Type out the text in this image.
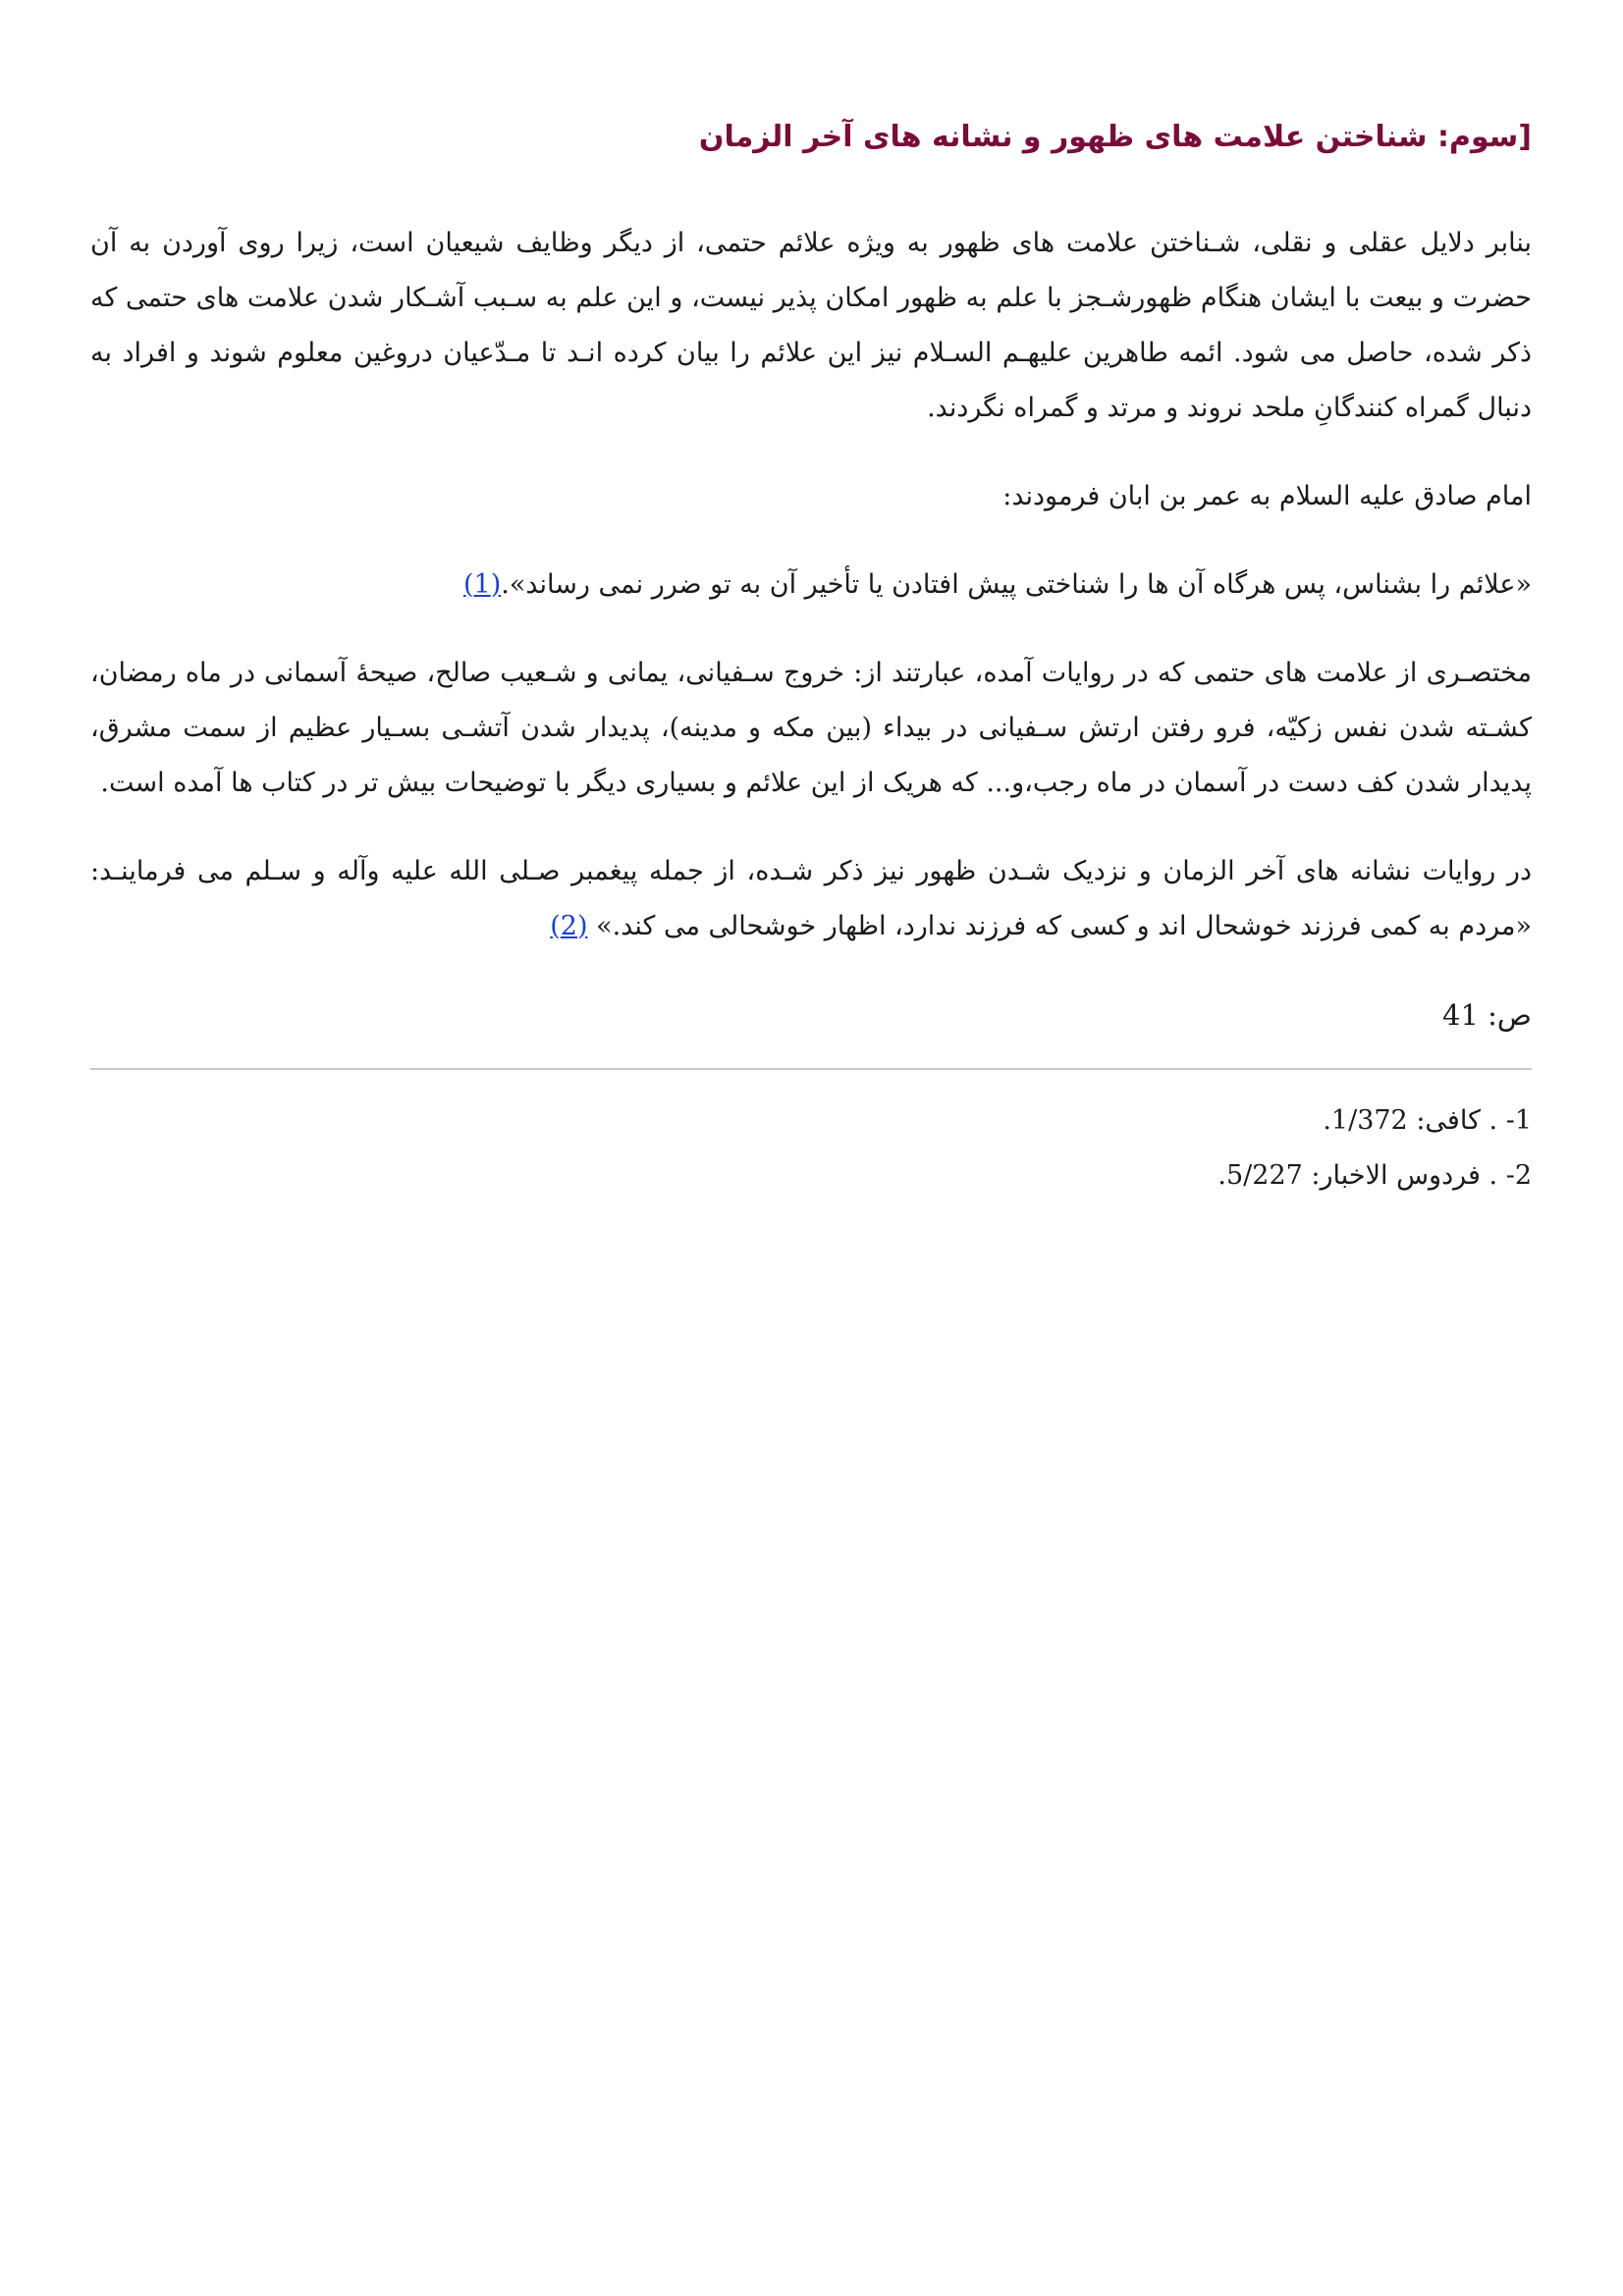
[سوم: شناختن علامت های ظهور و نشانه های آخر الزمان

بنابر دلایل عقلی و نقلی، شـناختن علامت های ظهور به ویژه علائم حتمی، از دیگر وظایف شیعیان است، زیرا روی آوردن به آن حضرت و بیعت با ایشان هنگام ظهورشـجز با علم به ظهور امکان پذیر نیست، و این علم به سـبب آشـکار شدن علامت های حتمی که ذکر شده، حاصل می شود. ائمه طاهرین علیهـم السـلام نیز این علائم را بیان کرده انـد تا مـدّعیان دروغین معلوم شوند و افراد به دنبال گمراه کنندگانِ ملحد نروند و مرتد و گمراه نگردند.

امام صادق علیه السلام به عمر بن ابان فرمودند:

«علائم را بشناس، پس هرگاه آن ها را شناختی پیش افتادن یا تأخیر آن به تو ضرر نمی رساند».(1)

مختصـری از علامت های حتمی که در روایات آمده، عبارتند از: خروج سـفیانی، یمانی و شـعیب صالح، صیحهٔ آسمانی در ماه رمضان، کشـته شدن نفس زکیّه، فرو رفتن ارتش سـفیانی در بیداء (بین مکه و مدینه)، پدیدار شدن آتشـی بسـیار عظیم از سمت مشرق، پدیدار شدن کف دست در آسمان در ماه رجب،و... که هریک از این علائم و بسیاری دیگر با توضیحات بیش تر در کتاب ها آمده است.

در روایات نشانه های آخر الزمان و نزدیک شـدن ظهور نیز ذکر شـده، از جمله پیغمبر صـلی الله علیه وآله و سـلم می فرماینـد: «مردم به کمی فرزند خوشحال اند و کسی که فرزند ندارد، اظهار خوشحالی می کند.» (2)

ص: 41
1- . کافی: 1/372.
2- . فردوس الاخبار: 5/227.
